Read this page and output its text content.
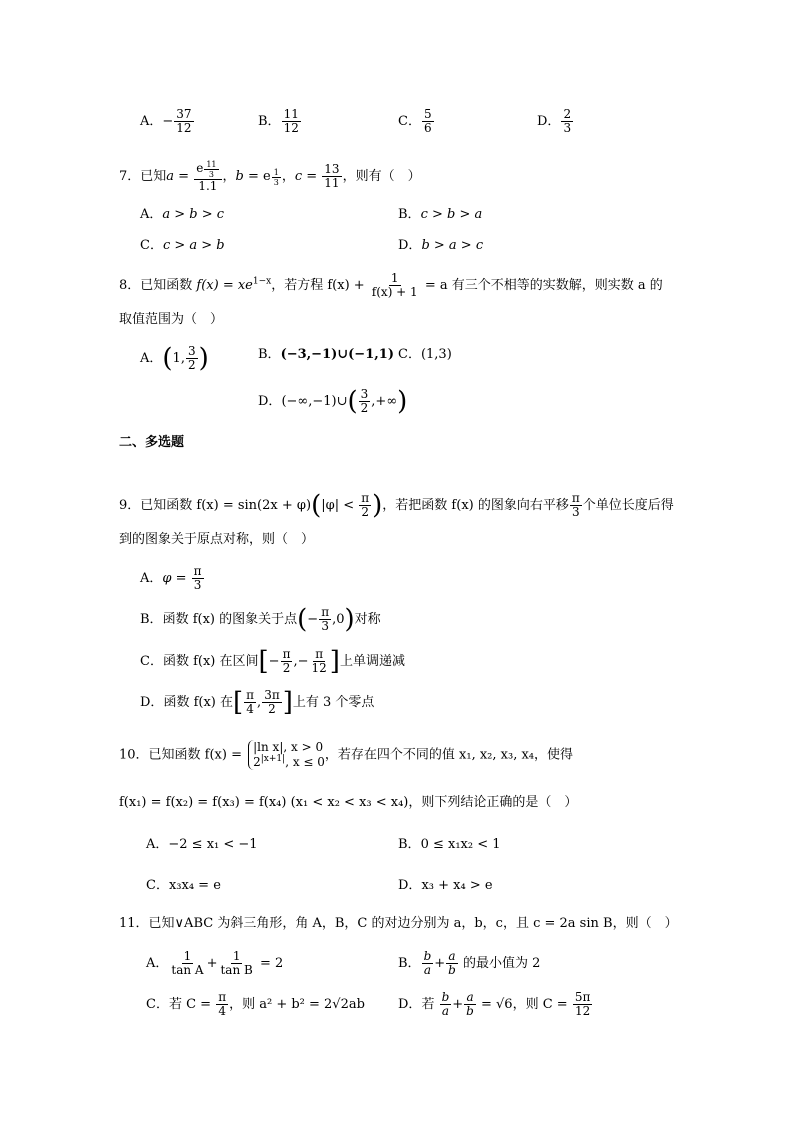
A．− $\frac{37}{12}$	B． $\frac{11}{12}$	C． $\frac{5}{6}$	D． $\frac{2}{3}$
7．已知$a = \frac{e \frac{11}{3}}{1.1}$ ，b = e $\frac{1}{3}$ ，$c = \frac{13}{11}$ ，则有（　）
A．a > b > c	B．c > b > a
C．c > a > b	D．b > a > c
8．已知函数 $f(x) = xe^{1-x}$，若方程 $f(x) + \frac{1}{f(x) + 1} = a$ 有三个不相等的实数解，则实数 a 的
取值范围为（　）
A．(1, $\frac{3}{2}$ )	B．(−3,−1)∪(−1,1) C．(1,3)
D．(−∞,−1)∪( $\frac{3}{2}$ ,+∞)
二、多选题
9．已知函数 $f(x) = \sin(2x + \varphi)(|\varphi| < \frac{\pi}{2}$ )，若把函数 f(x) 的图象向右平移 $\frac{\pi}{3}$ 个单位长度后得
到的图象关于原点对称，则（　）
A．$\varphi = \frac{\pi}{3}$
B．函数 f(x) 的图象关于点(− $\frac{\pi}{3} ,0$)对称
C．函数 f(x) 在区间[− $\frac{\pi}{2}$ ,− $\frac{\pi}{12}$ ]上单调递减
D．函数 f(x) 在[ $\frac{\pi}{4}$ , $\frac{3\pi}{2}$ ]上有 3 个零点
10．已知函数 f(x) =
|ln x|, x > 0
$2^{|x+1|}$, x ≤ 0 ，若存在四个不同的值 x₁, x₂, x₃, x₄，使得
f(x₁) = f(x₂) = f(x₃) = f(x₄) (x₁ < x₂ < x₃ < x₄)，则下列结论正确的是（　）
A．−2 ≤ x₁ < −1	B．0 ≤ x₁x₂ < 1
C．x₃x₄ = e	D．x₃ + x₄ > e
11．已知∨ABC 为斜三角形，角 A，B，C 的对边分别为 a，b，c，且 c = 2a sin B，则（　）
A． $\frac{1}{\text{tan A}} + \frac{1}{\text{tan B}} = 2$	B． $\frac{b}{a} + \frac{a}{b}$ 的最小值为 2
C．若 $C = \frac{\pi}{4}$ ，则 a² + b² = 2√2ab	D．若 $\frac{b}{a} + \frac{a}{b} = √6$，则 $C = \frac{5\pi}{12}$
